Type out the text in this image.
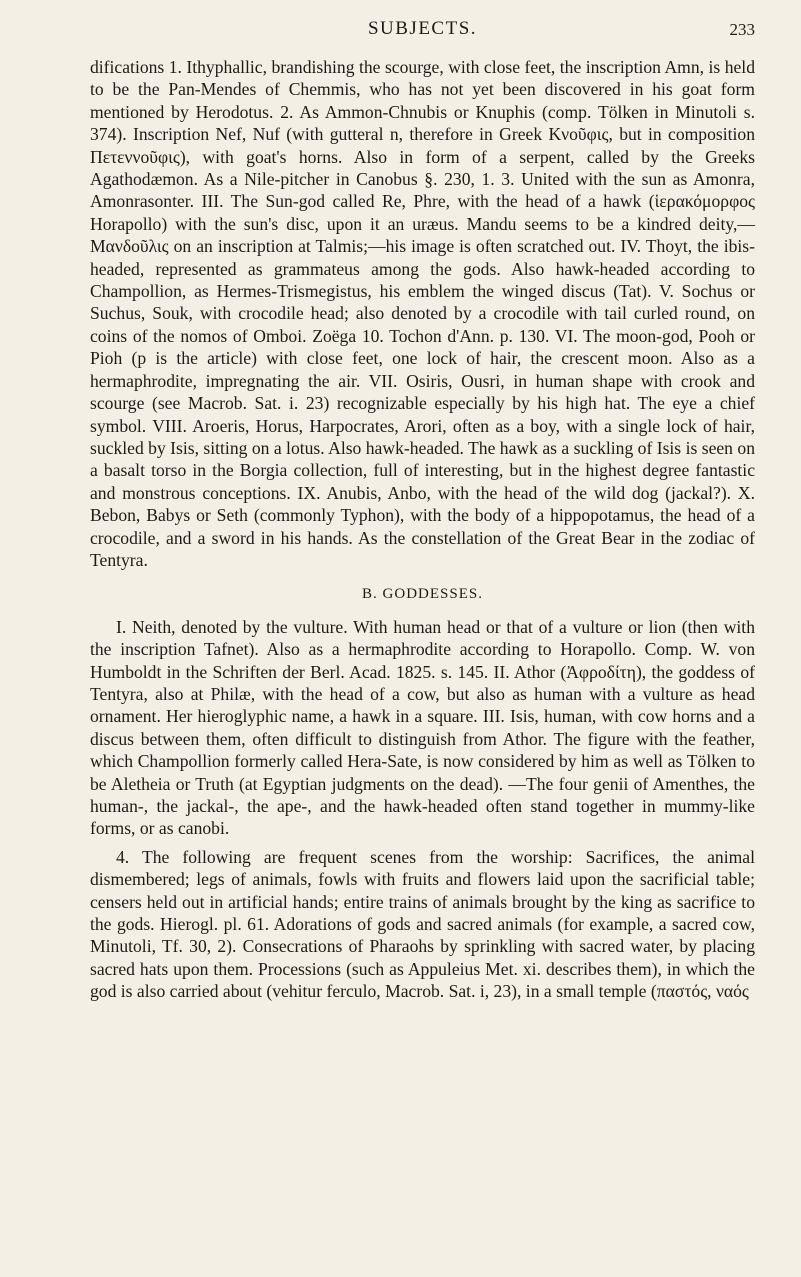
SUBJECTS.	233

difications 1. Ithyphallic, brandishing the scourge, with close feet, the inscription Amn, is held to be the Pan-Mendes of Chemmis, who has not yet been discovered in his goat form mentioned by Herodotus. 2. As Ammon-Chnubis or Knuphis (comp. Tölken in Minutoli s. 374). Inscription Nef, Nuf (with gutteral n, therefore in Greek Κνοῦφις, but in composition Πετεννοῦφις), with goat's horns. Also in form of a serpent, called by the Greeks Agathodæmon. As a Nile-pitcher in Canobus §. 230, 1. 3. United with the sun as Amonra, Amonrasonter. III. The Sun-god called Re, Phre, with the head of a hawk (ἱερακόμορφος Horapollo) with the sun's disc, upon it an uræus. Mandu seems to be a kindred deity,—Μανδοῦλις on an inscription at Talmis;—his image is often scratched out. IV. Thoyt, the ibis-headed, represented as grammateus among the gods. Also hawk-headed according to Champollion, as Hermes-Trismegistus, his emblem the winged discus (Tat). V. Sochus or Suchus, Souk, with crocodile head; also denoted by a crocodile with tail curled round, on coins of the nomos of Omboi. Zoëga 10. Tochon d'Ann. p. 130. VI. The moon-god, Pooh or Pioh (p is the article) with close feet, one lock of hair, the crescent moon. Also as a hermaphrodite, impregnating the air. VII. Osiris, Ousri, in human shape with crook and scourge (see Macrob. Sat. i. 23) recognizable especially by his high hat. The eye a chief symbol. VIII. Aroeris, Horus, Harpocrates, Arori, often as a boy, with a single lock of hair, suckled by Isis, sitting on a lotus. Also hawk-headed. The hawk as a suckling of Isis is seen on a basalt torso in the Borgia collection, full of interesting, but in the highest degree fantastic and monstrous conceptions. IX. Anubis, Anbo, with the head of the wild dog (jackal?). X. Bebon, Babys or Seth (commonly Typhon), with the body of a hippopotamus, the head of a crocodile, and a sword in his hands. As the constellation of the Great Bear in the zodiac of Tentyra.

B. GODDESSES.

I. Neith, denoted by the vulture. With human head or that of a vulture or lion (then with the inscription Tafnet). Also as a hermaphrodite according to Horapollo. Comp. W. von Humboldt in the Schriften der Berl. Acad. 1825. s. 145. II. Athor (Ἀφροδίτη), the goddess of Tentyra, also at Philæ, with the head of a cow, but also as human with a vulture as head ornament. Her hieroglyphic name, a hawk in a square. III. Isis, human, with cow horns and a discus between them, often difficult to distinguish from Athor. The figure with the feather, which Champollion formerly called Hera-Sate, is now considered by him as well as Tölken to be Aletheia or Truth (at Egyptian judgments on the dead). —The four genii of Amenthes, the human-, the jackal-, the ape-, and the hawk-headed often stand together in mummy-like forms, or as canobi.

4. The following are frequent scenes from the worship: Sacrifices, the animal dismembered; legs of animals, fowls with fruits and flowers laid upon the sacrificial table; censers held out in artificial hands; entire trains of animals brought by the king as sacrifice to the gods. Hierogl. pl. 61. Adorations of gods and sacred animals (for example, a sacred cow, Minutoli, Tf. 30, 2). Consecrations of Pharaohs by sprinkling with sacred water, by placing sacred hats upon them. Processions (such as Appuleius Met. xi. describes them), in which the god is also carried about (vehitur ferculo, Macrob. Sat. i, 23), in a small temple (παστός, ναός
